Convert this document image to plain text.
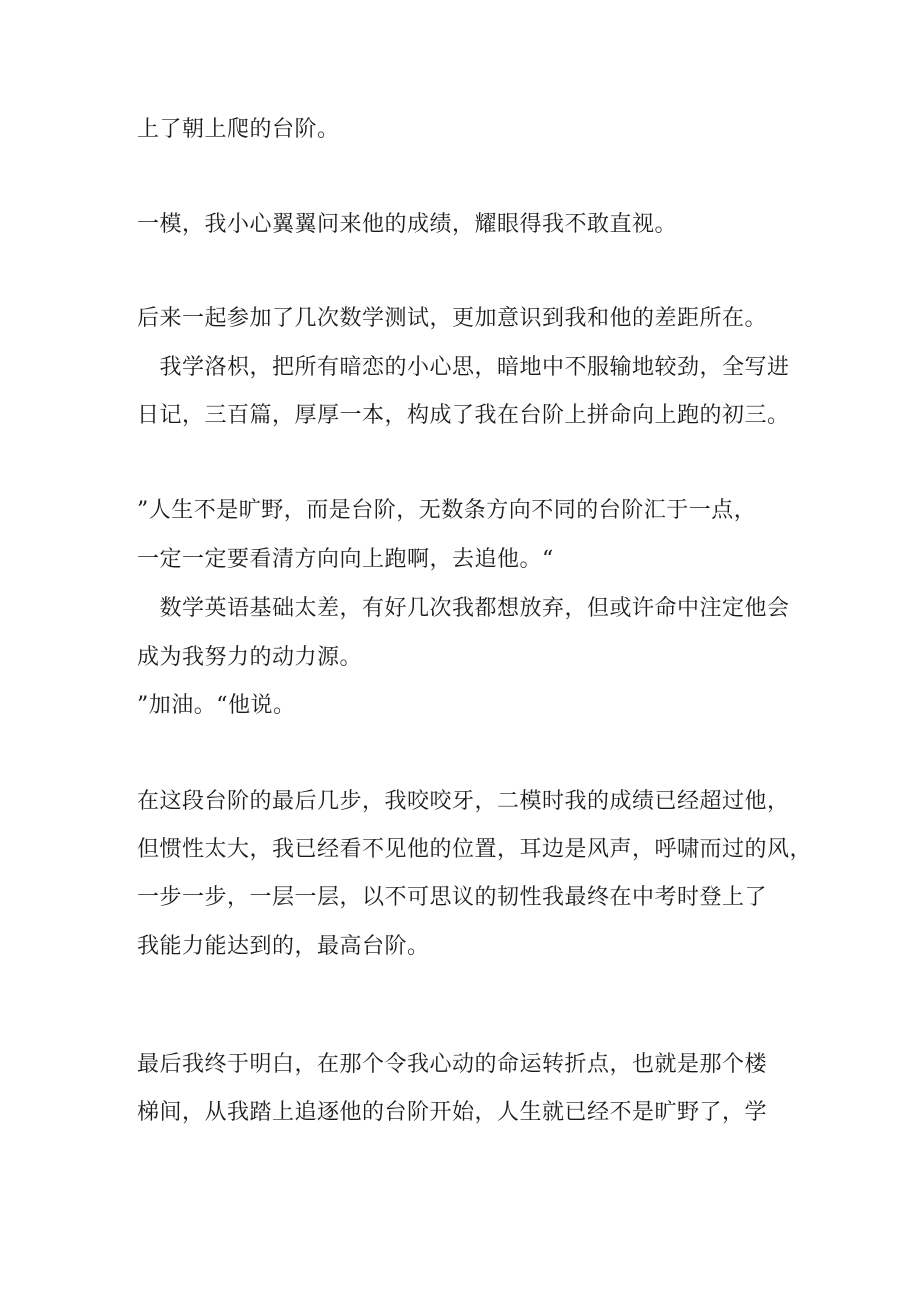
上了朝上爬的台阶。
一模，我小心翼翼问来他的成绩，耀眼得我不敢直视。
后来一起参加了几次数学测试，更加意识到我和他的差距所在。
　我学洛枳，把所有暗恋的小心思，暗地中不服输地较劲，全写进
日记，三百篇，厚厚一本，构成了我在台阶上拼命向上跑的初三。
”人生不是旷野，而是台阶，无数条方向不同的台阶汇于一点，
一定一定要看清方向向上跑啊，去追他。“
　数学英语基础太差，有好几次我都想放弃，但或许命中注定他会
成为我努力的动力源。
”加油。“他说。
在这段台阶的最后几步，我咬咬牙，二模时我的成绩已经超过他，
但惯性太大，我已经看不见他的位置，耳边是风声，呼啸而过的风，
一步一步，一层一层，以不可思议的韧性我最终在中考时登上了
我能力能达到的，最高台阶。
最后我终于明白，在那个令我心动的命运转折点，也就是那个楼
梯间，从我踏上追逐他的台阶开始，人生就已经不是旷野了，学
